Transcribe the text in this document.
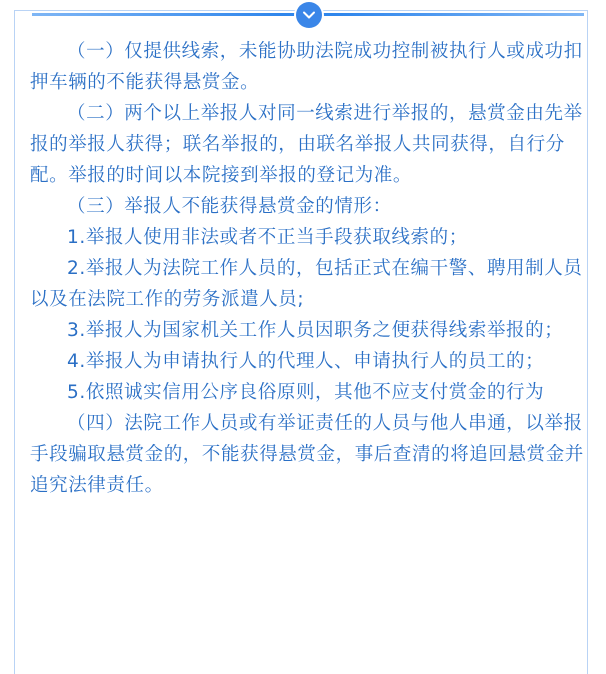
（一）仅提供线索，未能协助法院成功控制被执行人或成功扣押车辆的不能获得悬赏金。

（二）两个以上举报人对同一线索进行举报的，悬赏金由先举报的举报人获得；联名举报的，由联名举报人共同获得，自行分配。举报的时间以本院接到举报的登记为准。

（三）举报人不能获得悬赏金的情形：

1.举报人使用非法或者不正当手段获取线索的；

2.举报人为法院工作人员的，包括正式在编干警、聘用制人员以及在法院工作的劳务派遣人员;

3.举报人为国家机关工作人员因职务之便获得线索举报的；

4.举报人为申请执行人的代理人、申请执行人的员工的；

5.依照诚实信用公序良俗原则，其他不应支付赏金的行为

（四）法院工作人员或有举证责任的人员与他人串通，以举报手段骗取悬赏金的，不能获得悬赏金，事后查清的将追回悬赏金并追究法律责任。
